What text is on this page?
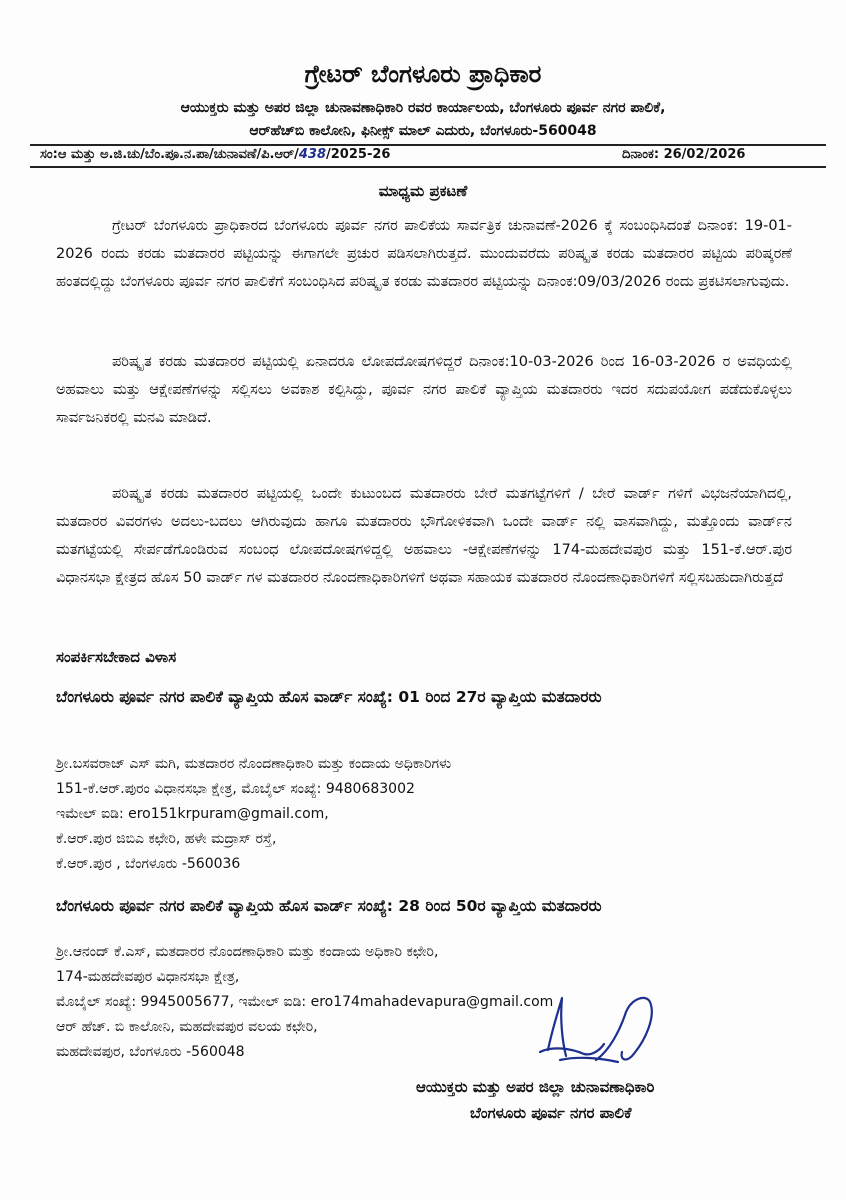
ಗ್ರೇಟರ್ ಬೆಂಗಳೂರು ಪ್ರಾಧಿಕಾರ
ಆಯುಕ್ತರು ಮತ್ತು ಅಪರ ಜಿಲ್ಲಾ ಚುನಾವಣಾಧಿಕಾರಿ ರವರ ಕಾರ್ಯಾಲಯ, ಬೆಂಗಳೂರು ಪೂರ್ವ ನಗರ ಪಾಲಿಕೆ,
ಆರ್‌ಹೆಚ್‌ಬಿ ಕಾಲೋನಿ, ಫಿನೀಕ್ಸ್ ಮಾಲ್ ಎದುರು, ಬೆಂಗಳೂರು-560048
ಸಂ:ಆ ಮತ್ತು ಅ.ಜಿ.ಚು/ಬೆಂ.ಪೂ.ನ.ಪಾ/ಚುನಾವಣೆ/ಪಿ.ಆರ್/438/2025-26	ದಿನಾಂಕ: 26/02/2026
ಮಾಧ್ಯಮ ಪ್ರಕಟಣೆ

ಗ್ರೇಟರ್ ಬೆಂಗಳೂರು ಪ್ರಾಧಿಕಾರದ ಬೆಂಗಳೂರು ಪೂರ್ವ ನಗರ ಪಾಲಿಕೆಯ ಸಾರ್ವತ್ರಿಕ ಚುನಾವಣೆ-2026 ಕ್ಕೆ ಸಂಬಂಧಿಸಿದಂತೆ ದಿನಾಂಕ: 19-01-2026 ರಂದು ಕರಡು ಮತದಾರರ ಪಟ್ಟಿಯನ್ನು ಈಗಾಗಲೇ ಪ್ರಚುರ ಪಡಿಸಲಾಗಿರುತ್ತದೆ. ಮುಂದುವರೆದು ಪರಿಷ್ಕೃತ ಕರಡು ಮತದಾರರ ಪಟ್ಟಿಯ ಪರಿಷ್ಕರಣೆ ಹಂತದಲ್ಲಿದ್ದು ಬೆಂಗಳೂರು ಪೂರ್ವ ನಗರ ಪಾಲಿಕೆಗೆ ಸಂಬಂಧಿಸಿದ ಪರಿಷ್ಕೃತ ಕರಡು ಮತದಾರರ ಪಟ್ಟಿಯನ್ನು ದಿನಾಂಕ:09/03/2026 ರಂದು ಪ್ರಕಟಿಸಲಾಗುವುದು.

ಪರಿಷ್ಕೃತ ಕರಡು ಮತದಾರರ ಪಟ್ಟಿಯಲ್ಲಿ ಏನಾದರೂ ಲೋಪದೋಷಗಳಿದ್ದರೆ ದಿನಾಂಕ:10-03-2026 ರಿಂದ 16-03-2026 ರ ಅವಧಿಯಲ್ಲಿ ಅಹವಾಲು ಮತ್ತು ಆಕ್ಷೇಪಣೆಗಳನ್ನು ಸಲ್ಲಿಸಲು ಅವಕಾಶ ಕಲ್ಪಿಸಿದ್ದು, ಪೂರ್ವ ನಗರ ಪಾಲಿಕೆ ವ್ಯಾಪ್ತಿಯ ಮತದಾರರು ಇದರ ಸದುಪಯೋಗ ಪಡೆದುಕೊಳ್ಳಲು ಸಾರ್ವಜನಿಕರಲ್ಲಿ ಮನವಿ ಮಾಡಿದೆ.

ಪರಿಷ್ಕೃತ ಕರಡು ಮತದಾರರ ಪಟ್ಟಿಯಲ್ಲಿ ಒಂದೇ ಕುಟುಂಬದ ಮತದಾರರು ಬೇರೆ ಮತಗಟ್ಟೆಗಳಿಗೆ / ಬೇರೆ ವಾರ್ಡ್ ಗಳಿಗೆ ವಿಭಜನೆಯಾಗಿದಲ್ಲಿ, ಮತದಾರರ ವಿವರಗಳು ಅದಲು-ಬದಲು ಆಗಿರುವುದು ಹಾಗೂ ಮತದಾರರು ಭೌಗೋಳಿಕವಾಗಿ ಒಂದೇ ವಾರ್ಡ್ ನಲ್ಲಿ ವಾಸವಾಗಿದ್ದು, ಮತ್ತೊಂದು ವಾರ್ಡ್‌ನ ಮತಗಟ್ಟೆಯಲ್ಲಿ ಸೇರ್ಪಡೆಗೊಂಡಿರುವ ಸಂಬಂಧ ಲೋಪದೋಷಗಳಿದ್ದಲ್ಲಿ ಅಹವಾಲು -ಆಕ್ಷೇಪಣೆಗಳನ್ನು 174-ಮಹದೇವಪುರ ಮತ್ತು 151-ಕೆ.ಆರ್.ಪುರ ವಿಧಾನಸಭಾ ಕ್ಷೇತ್ರದ ಹೊಸ 50 ವಾರ್ಡ್ ಗಳ ಮತದಾರರ ನೊಂದಣಾಧಿಕಾರಿಗಳಿಗೆ ಅಥವಾ ಸಹಾಯಕ ಮತದಾರರ ನೊಂದಣಾಧಿಕಾರಿಗಳಿಗೆ ಸಲ್ಲಿಸಬಹುದಾಗಿರುತ್ತದೆ

ಸಂಪರ್ಕಿಸಬೇಕಾದ ವಿಳಾಸ

ಬೆಂಗಳೂರು ಪೂರ್ವ ನಗರ ಪಾಲಿಕೆ ವ್ಯಾಪ್ತಿಯ ಹೊಸ ವಾರ್ಡ್ ಸಂಖ್ಯೆ: 01 ರಿಂದ 27ರ ವ್ಯಾಪ್ತಿಯ ಮತದಾರರು

ಶ್ರೀ.ಬಸವರಾಜ್ ಎಸ್ ಮಗಿ, ಮತದಾರರ ನೊಂದಣಾಧಿಕಾರಿ ಮತ್ತು ಕಂದಾಯ ಅಧಿಕಾರಿಗಳು
151-ಕೆ.ಆರ್.ಪುರಂ ವಿಧಾನಸಭಾ ಕ್ಷೇತ್ರ, ಮೊಬೈಲ್ ಸಂಖ್ಯೆ: 9480683002
ಇಮೇಲ್ ಐಡಿ: ero151krpuram@gmail.com,
ಕೆ.ಆರ್.ಪುರ ಜಿಬಿಎ ಕಛೇರಿ, ಹಳೇ ಮದ್ರಾಸ್ ರಸ್ತೆ,
ಕೆ.ಆರ್.ಪುರ , ಬೆಂಗಳೂರು -560036

ಬೆಂಗಳೂರು ಪೂರ್ವ ನಗರ ಪಾಲಿಕೆ ವ್ಯಾಪ್ತಿಯ ಹೊಸ ವಾರ್ಡ್ ಸಂಖ್ಯೆ: 28 ರಿಂದ 50ರ ವ್ಯಾಪ್ತಿಯ ಮತದಾರರು

ಶ್ರೀ.ಆನಂದ್ ಕೆ.ಎಸ್, ಮತದಾರರ ನೊಂದಣಾಧಿಕಾರಿ ಮತ್ತು ಕಂದಾಯ ಅಧಿಕಾರಿ ಕಛೇರಿ,
174-ಮಹದೇವಪುರ ವಿಧಾನಸಭಾ ಕ್ಷೇತ್ರ,
ಮೊಬೈಲ್ ಸಂಖ್ಯೆ: 9945005677, ಇಮೇಲ್ ಐಡಿ: ero174mahadevapura@gmail.com
ಆರ್ ಹೆಚ್. ಬಿ ಕಾಲೋನಿ, ಮಹದೇವಪುರ ವಲಯ ಕಛೇರಿ,
ಮಹದೇವಪುರ, ಬೆಂಗಳೂರು -560048
ಆಯುಕ್ತರು ಮತ್ತು ಅಪರ ಜಿಲ್ಲಾ ಚುನಾವಣಾಧಿಕಾರಿ
ಬೆಂಗಳೂರು ಪೂರ್ವ ನಗರ ಪಾಲಿಕೆ
